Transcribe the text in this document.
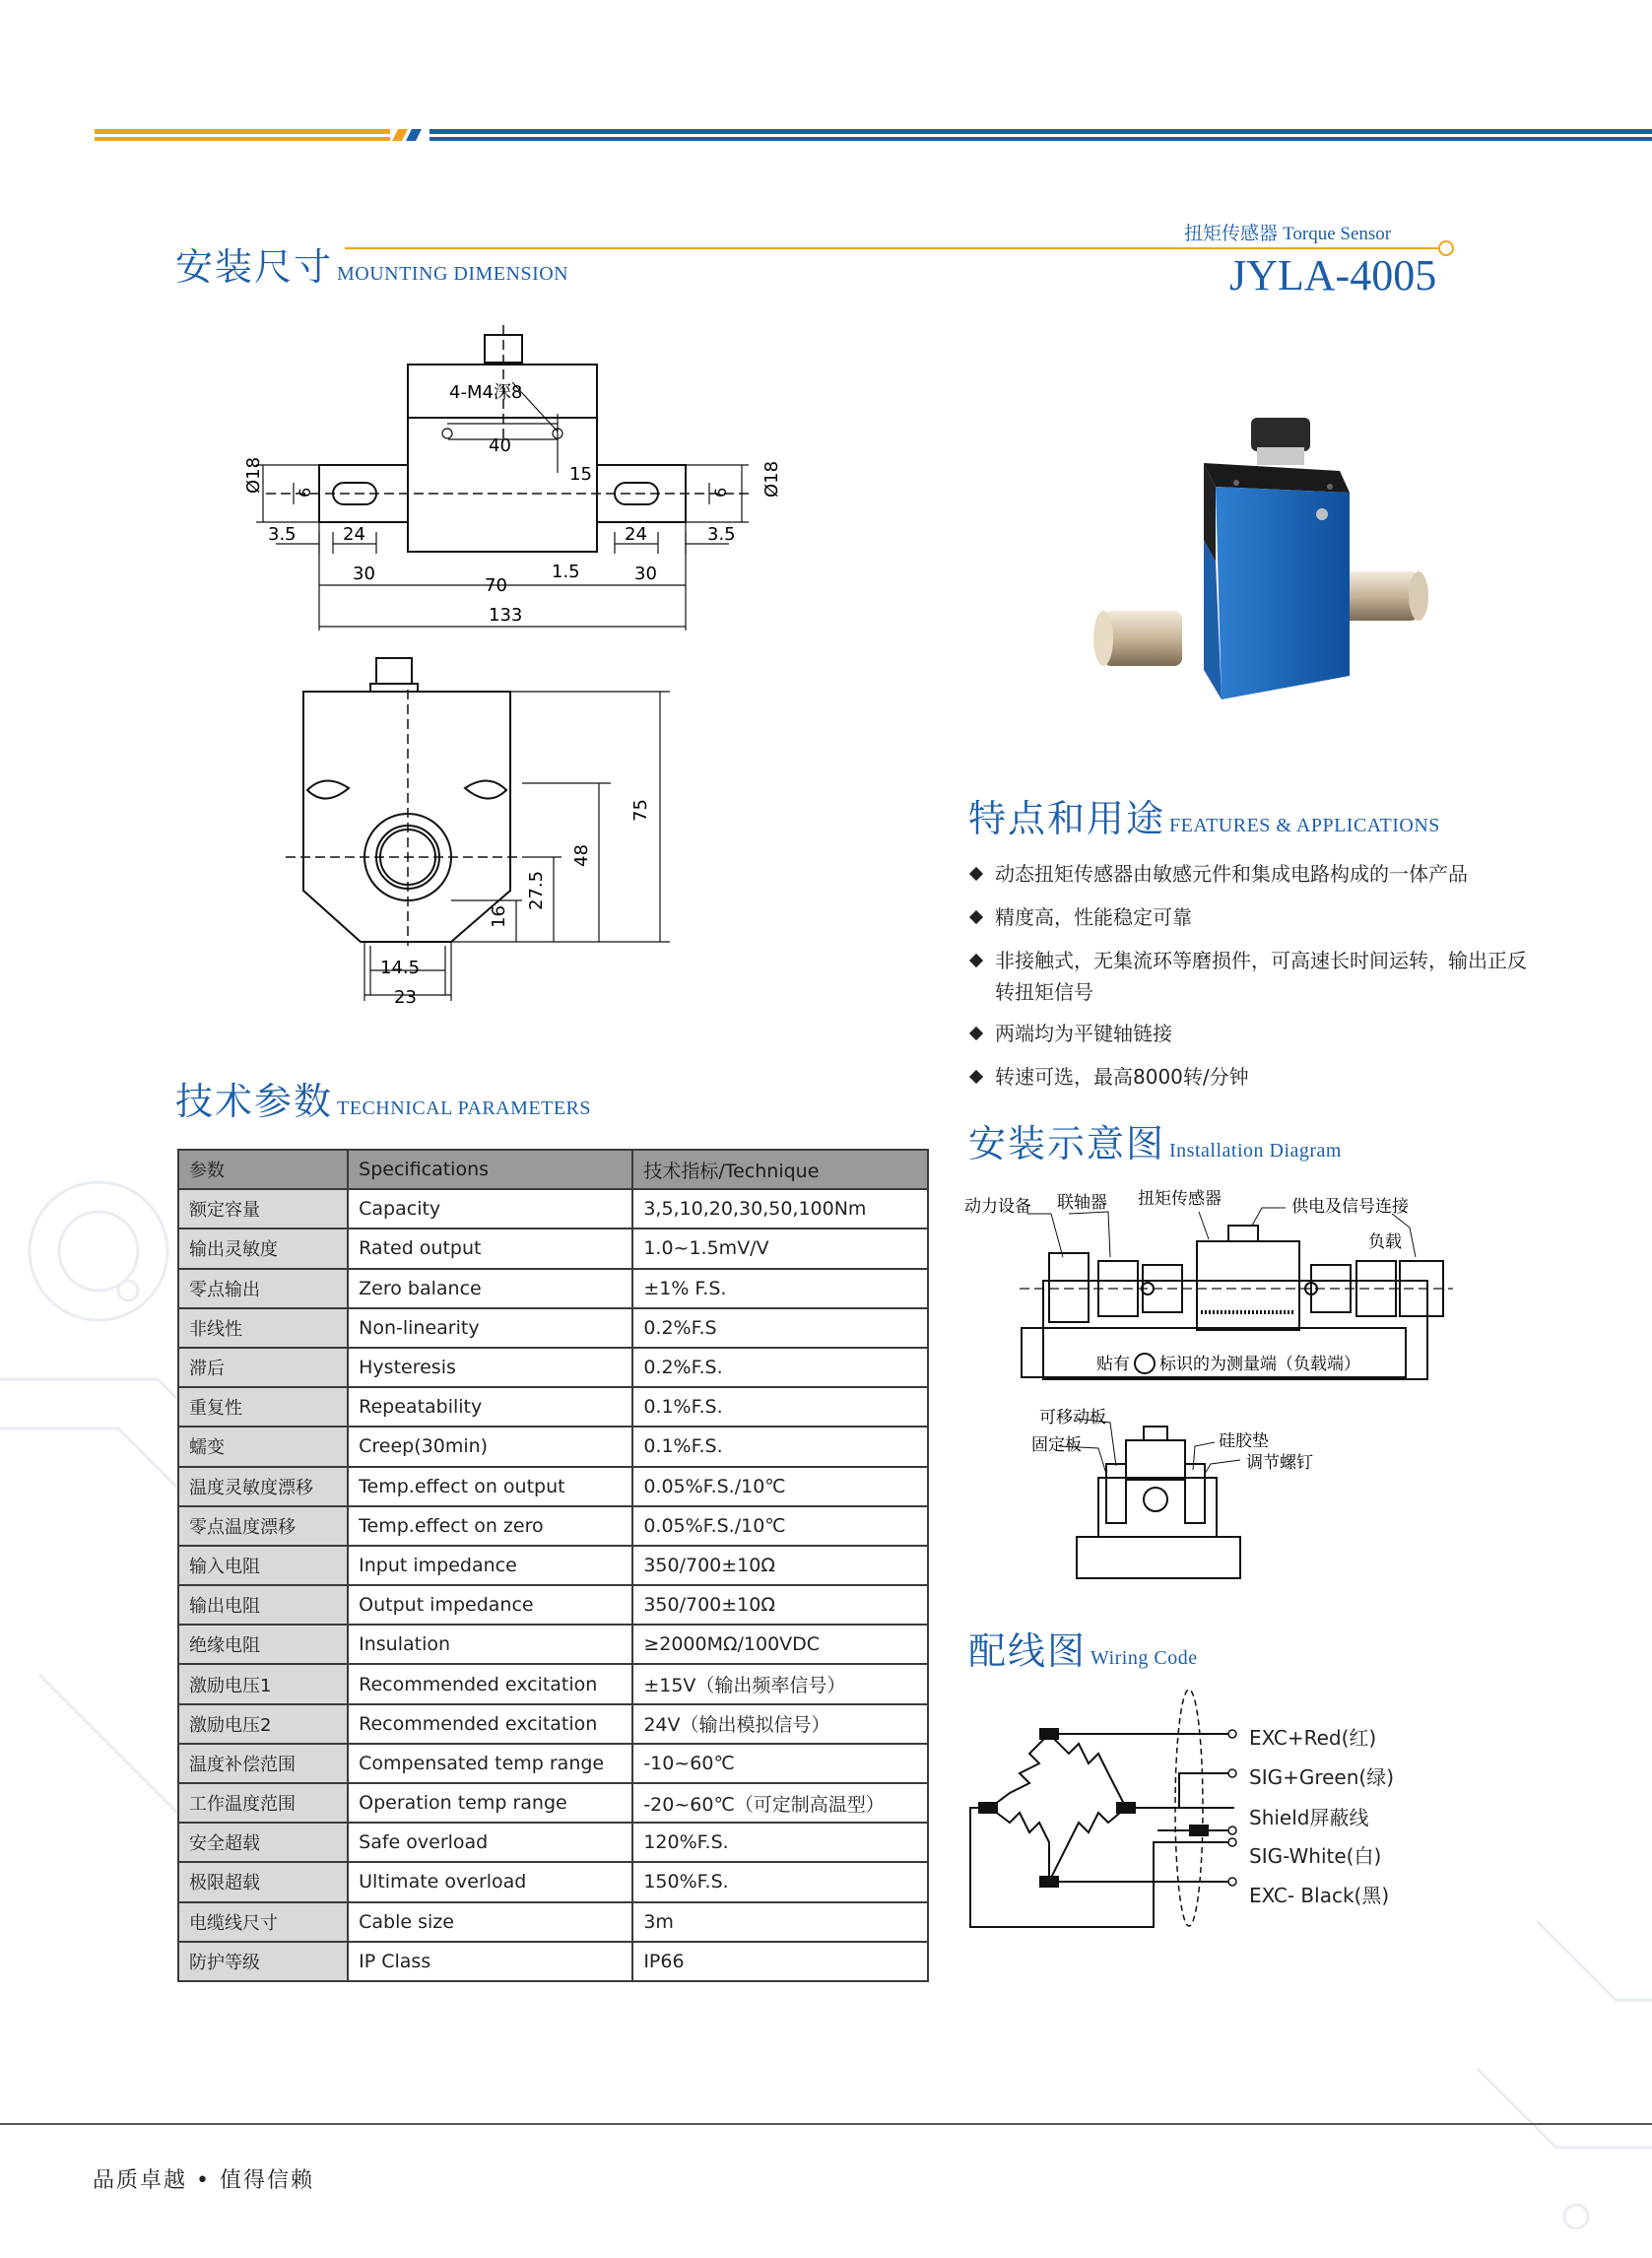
安装尺寸 MOUNTING DIMENSION
扭矩传感器 Torque Sensor
JYLA-4005
4-M4深8
40
15
Ø18 6	6 Ø18
3.5	24	24	3.5
30
70
1.5	30
133
75
48
27.5
16
14.5
23
特点和用途 FEATURES & APPLICATIONS
动态扭矩传感器由敏感元件和集成电路构成的一体产品
精度高，性能稳定可靠
非接触式，无集流环等磨损件，可高速长时间运转，输出正反转扭矩信号
两端均为平键轴链接
转速可选，最高8000转/分钟
技术参数 TECHNICAL PARAMETERS
参数	Specifications	技术指标/Technique
额定容量	Capacity	3,5,10,20,30,50,100Nm
输出灵敏度	Rated output	1.0~1.5mV/V
零点输出	Zero balance	±1% F.S.
非线性	Non-linearity	0.2%F.S
滞后	Hysteresis	0.2%F.S.
重复性	Repeatability	0.1%F.S.
蠕变	Creep(30min)	0.1%F.S.
温度灵敏度漂移	Temp.effect on output	0.05%F.S./10℃
零点温度漂移	Temp.effect on zero	0.05%F.S./10℃
输入电阻	Input impedance	350/700±10Ω
输出电阻	Output impedance	350/700±10Ω
绝缘电阻	Insulation	≥2000MΩ/100VDC
激励电压1	Recommended excitation	±15V（输出频率信号）
激励电压2	Recommended excitation	24V（输出模拟信号）
温度补偿范围	Compensated temp range	-10~60℃
工作温度范围	Operation temp range	-20~60℃（可定制高温型）
安全超载	Safe overload	120%F.S.
极限超载	Ultimate overload	150%F.S.
电缆线尺寸	Cable size	3m
防护等级	IP Class	IP66
安装示意图 Installation Diagram
动力设备 联轴器 扭矩传感器	供电及信号连接
负载
贴有 标识的为测量端（负载端）
可移动板
固定板	硅胶垫
调节螺钉
配线图 Wiring Code
EXC+Red(红)
SIG+Green(绿)
Shield屏蔽线
SIG-White(白)
EXC- Black(黑)
品质卓越 • 值得信赖
